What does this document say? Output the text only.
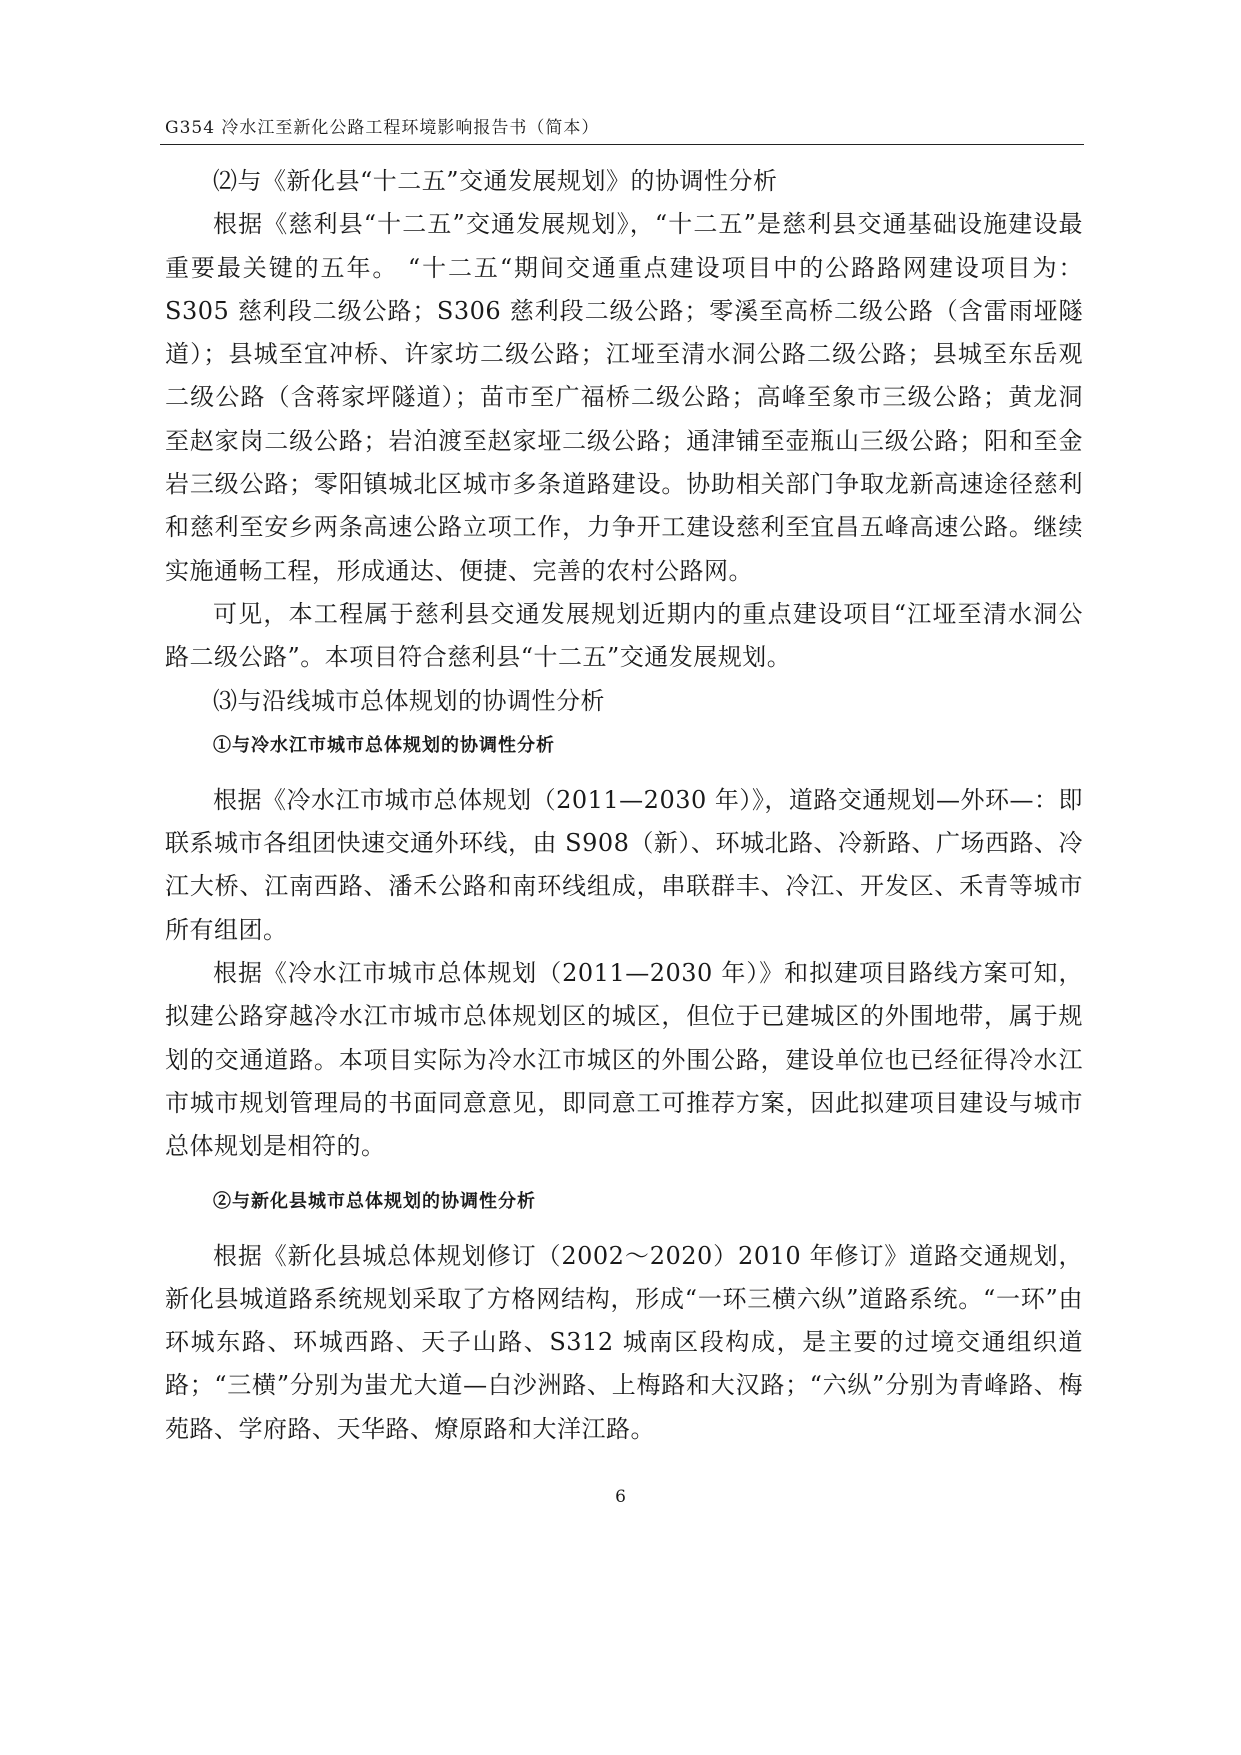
G354 冷水江至新化公路工程环境影响报告书（简本）

⑵与《新化县“十二五”交通发展规划》的协调性分析

根据《慈利县“十二五”交通发展规划》，“十二五”是慈利县交通基础设施建设最重要最关键的五年。 “十二五“期间交通重点建设项目中的公路路网建设项目为：S305 慈利段二级公路；S306 慈利段二级公路；零溪至高桥二级公路（含雷雨垭隧道）；县城至宜冲桥、许家坊二级公路；江垭至清水洞公路二级公路；县城至东岳观二级公路（含蒋家坪隧道）；苗市至广福桥二级公路；高峰至象市三级公路；黄龙洞至赵家岗二级公路；岩泊渡至赵家垭二级公路；通津铺至壶瓶山三级公路；阳和至金岩三级公路；零阳镇城北区城市多条道路建设。协助相关部门争取龙新高速途径慈利和慈利至安乡两条高速公路立项工作，力争开工建设慈利至宜昌五峰高速公路。继续实施通畅工程，形成通达、便捷、完善的农村公路网。

可见，本工程属于慈利县交通发展规划近期内的重点建设项目“江垭至清水洞公路二级公路”。本项目符合慈利县“十二五”交通发展规划。

⑶与沿线城市总体规划的协调性分析

①与冷水江市城市总体规划的协调性分析

根据《冷水江市城市总体规划（2011—2030 年）》，道路交通规划—外环—：即联系城市各组团快速交通外环线，由 S908（新）、环城北路、冷新路、广场西路、冷江大桥、江南西路、潘禾公路和南环线组成，串联群丰、冷江、开发区、禾青等城市所有组团。

根据《冷水江市城市总体规划（2011—2030 年）》和拟建项目路线方案可知，拟建公路穿越冷水江市城市总体规划区的城区，但位于已建城区的外围地带，属于规划的交通道路。本项目实际为冷水江市城区的外围公路，建设单位也已经征得冷水江市城市规划管理局的书面同意意见，即同意工可推荐方案，因此拟建项目建设与城市总体规划是相符的。

②与新化县城市总体规划的协调性分析

根据《新化县城总体规划修订（2002～2020）2010 年修订》道路交通规划，新化县城道路系统规划采取了方格网结构，形成“一环三横六纵”道路系统。“一环”由环城东路、环城西路、天子山路、S312 城南区段构成，是主要的过境交通组织道路；“三横”分别为蚩尤大道—白沙洲路、上梅路和大汉路；“六纵”分别为青峰路、梅苑路、学府路、天华路、燎原路和大洋江路。

6
